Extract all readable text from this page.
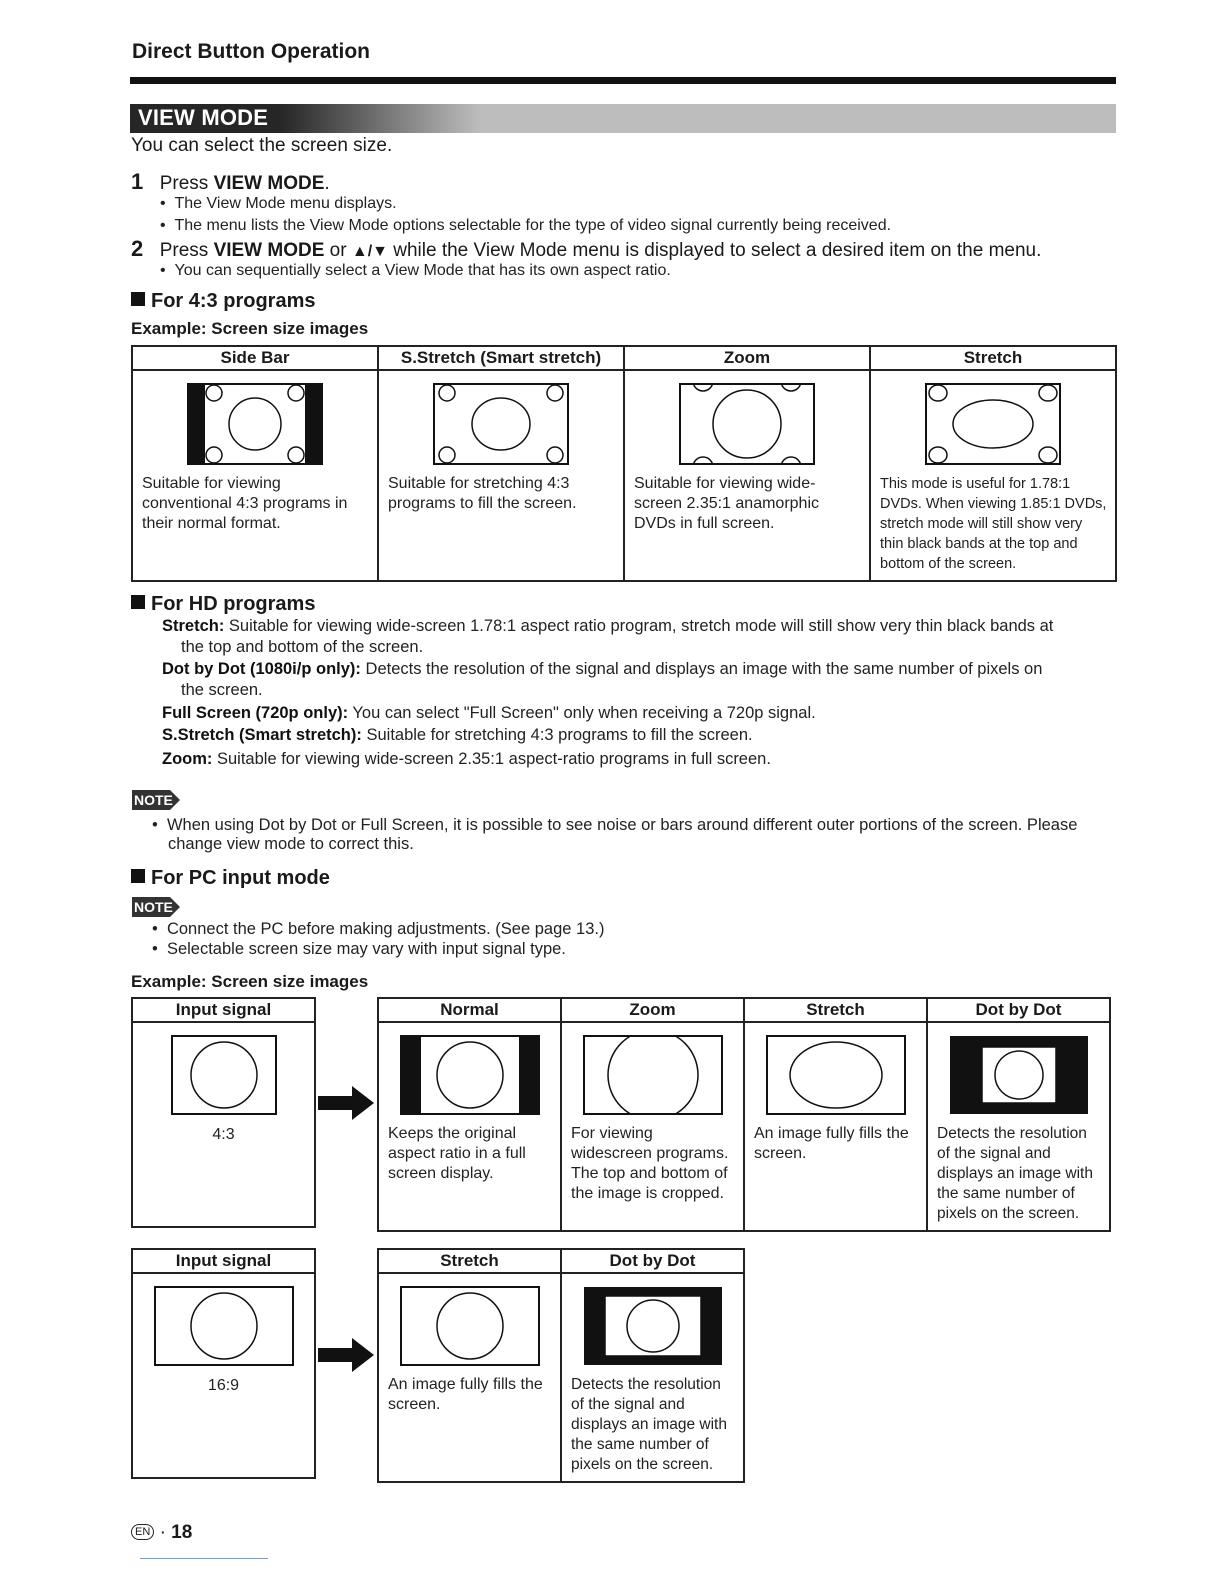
Direct Button Operation
VIEW MODE
You can select the screen size.
1 Press VIEW MODE.
•  The View Mode menu displays.
•  The menu lists the View Mode options selectable for the type of video signal currently being received.
2 Press VIEW MODE or ▲/▼ while the View Mode menu is displayed to select a desired item on the menu.
•  You can sequentially select a View Mode that has its own aspect ratio.
For 4:3 programs
Example: Screen size images
Side Bar	S.Stretch (Smart stretch)	Zoom	Stretch

Suitable for viewing conventional 4:3 programs in their normal format.	Suitable for stretching 4:3 programs to fill the screen.	Suitable for viewing wide-screen 2.35:1 anamorphic DVDs in full screen.	This mode is useful for 1.78:1 DVDs. When viewing 1.85:1 DVDs, stretch mode will still show very thin black bands at the top and bottom of the screen.
For HD programs
Stretch: Suitable for viewing wide-screen 1.78:1 aspect ratio program, stretch mode will still show very thin black bands at
the top and bottom of the screen.
Dot by Dot (1080i/p only): Detects the resolution of the signal and displays an image with the same number of pixels on
the screen.
Full Screen (720p only): You can select "Full Screen" only when receiving a 720p signal.
S.Stretch (Smart stretch): Suitable for stretching 4:3 programs to fill the screen.
Zoom: Suitable for viewing wide-screen 2.35:1 aspect-ratio programs in full screen.
NOTE
•  When using Dot by Dot or Full Screen, it is possible to see noise or bars around different outer portions of the screen. Please
change view mode to correct this.
For PC input mode
NOTE
•  Connect the PC before making adjustments. (See page 13.)
•  Selectable screen size may vary with input signal type.
Example: Screen size images
Input signal

4:3
Normal	Zoom	Stretch	Dot by Dot

Keeps the original aspect ratio in a full screen display.	For viewing widescreen programs. The top and bottom of the image is cropped.	An image fully fills the screen.	Detects the resolution of the signal and displays an image with the same number of pixels on the screen.
Input signal

16:9
Stretch	Dot by Dot

An image fully fills the screen.	Detects the resolution of the signal and displays an image with the same number of pixels on the screen.
EN · 18
